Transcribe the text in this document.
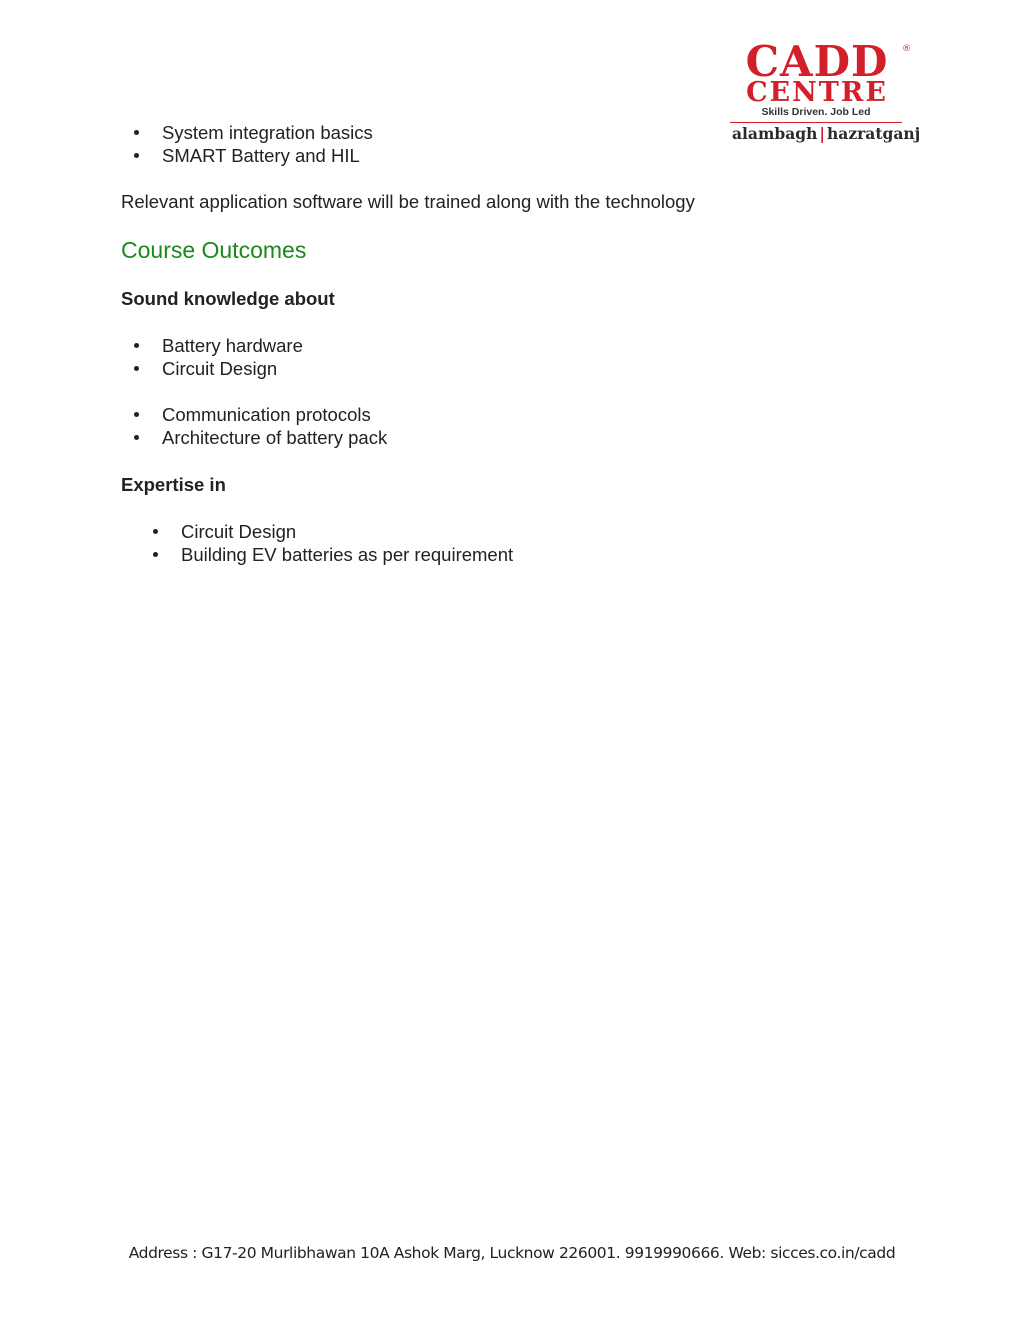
CADD	®
CENTRE
Skills Driven. Job Led
alambagh | hazratganj
System integration basics
SMART Battery and HIL
Relevant application software will be trained along with the technology
Course Outcomes
Sound knowledge about
Battery hardware
Circuit Design
Communication protocols
Architecture of battery pack
Expertise in
Circuit Design
Building EV batteries as per requirement
Address : G17-20 Murlibhawan 10A Ashok Marg, Lucknow 226001. 9919990666. Web: sicces.co.in/cadd
